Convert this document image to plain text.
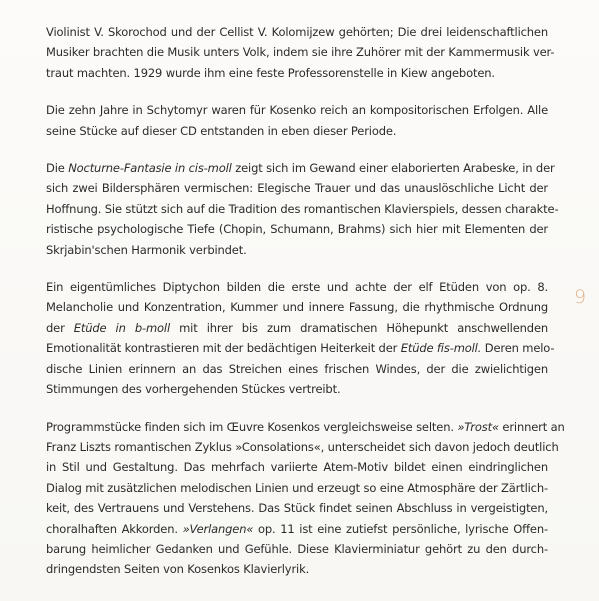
Violinist V. Skorochod und der Cellist V. Kolomijzew gehörten; Die drei leidenschaftlichen
Musiker brachten die Musik unters Volk, indem sie ihre Zuhörer mit der Kammermusik ver-
traut machten. 1929 wurde ihm eine feste Professorenstelle in Kiew angeboten.

Die zehn Jahre in Schytomyr waren für Kosenko reich an kompositorischen Erfolgen. Alle
seine Stücke auf dieser CD entstanden in eben dieser Periode.

Die Nocturne-Fantasie in cis-moll zeigt sich im Gewand einer elaborierten Arabeske, in der
sich zwei Bildersphären vermischen: Elegische Trauer und das unauslöschliche Licht der
Hoffnung. Sie stützt sich auf die Tradition des romantischen Klavierspiels, dessen charakte-
ristische psychologische Tiefe (Chopin, Schumann, Brahms) sich hier mit Elementen der
Skrjabin'schen Harmonik verbindet.

Ein eigentümliches Diptychon bilden die erste und achte der elf Etüden von op. 8.
Melancholie und Konzentration, Kummer und innere Fassung, die rhythmische Ordnung
der Etüde in b-moll mit ihrer bis zum dramatischen Höhepunkt anschwellenden
Emotionalität kontrastieren mit der bedächtigen Heiterkeit der Etüde fis-moll. Deren melo-
dische Linien erinnern an das Streichen eines frischen Windes, der die zwielichtigen
Stimmungen des vorhergehenden Stückes vertreibt.

Programmstücke finden sich im Œuvre Kosenkos vergleichsweise selten. »Trost« erinnert an
Franz Liszts romantischen Zyklus »Consolations«, unterscheidet sich davon jedoch deutlich
in Stil und Gestaltung. Das mehrfach variierte Atem-Motiv bildet einen eindringlichen
Dialog mit zusätzlichen melodischen Linien und erzeugt so eine Atmosphäre der Zärtlich-
keit, des Vertrauens und Verstehens. Das Stück findet seinen Abschluss in vergeistigten,
choralhaften Akkorden. »Verlangen« op. 11 ist eine zutiefst persönliche, lyrische Offen-
barung heimlicher Gedanken und Gefühle. Diese Klavierminiatur gehört zu den durch-
dringendsten Seiten von Kosenkos Klavierlyrik.

9
